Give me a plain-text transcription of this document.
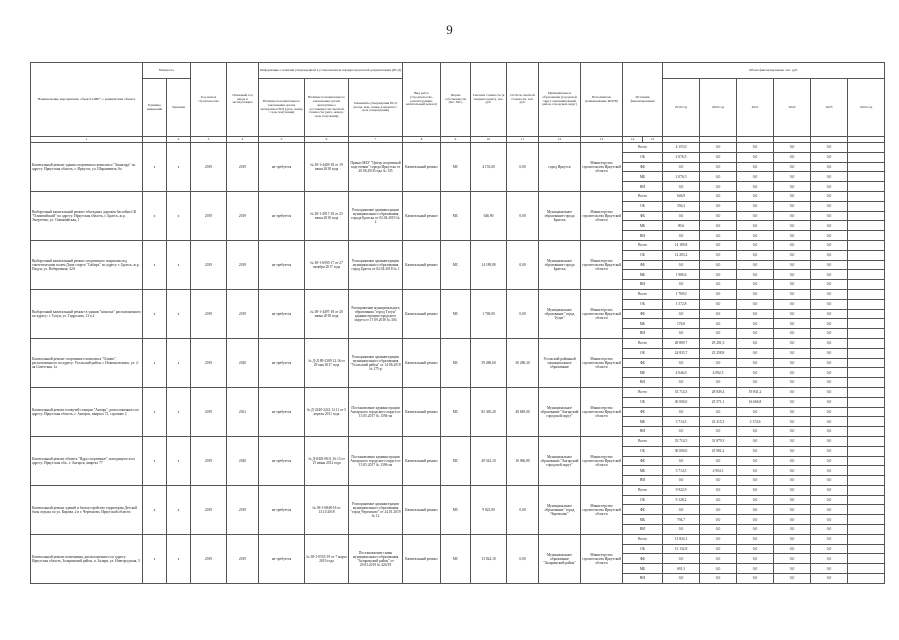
9
Наименование мероприятия, объекта ПИР*, с реквизитами объекта	Мощность		Год начала строительства	Плановый год ввода в эксплуатацию	Информация о наличии утвержденной в установленном порядке проектной документации (ПСД)			Вид работ (строительство, реконструкция, капитальный ремонт)	Форма собственности (КС, МС)	Сметная стоимость (в текущих ценах), тыс. руб.	Остаток сметной стоимости, тыс. руб.	Муниципальное образование (городской округ, муниципальный район, городской округ)	Исполнитель (наименование ИОГВ)	Источник финансирования		Объем финансирования, тыс. руб.					
	Единица измерения	Значение			Наличие положительного заключения органа экспертизы ПСД (дата, номер / срок получения)	Наличие положительного заключения органа экспертизы о достоверности сметной стоимости (дата, номер / срок получения)	Реквизиты утверждения ПСД (когда, кем, номер документа / срок утверждения)									2019 год	2020 год	2021	2022	2023	2024 год
1		2	3	4	5	6	7	8	9	10	11	12	13	14	15						
Капитальный ремонт здания спортивного комплекса "Авангард" по адресу: Иркутская область, г. Иркутск, ул. Шараневича, 6а	х	х	2019	2019	не требуется	№ 38-1-4449-18 от 19 июля 2018 года	Приказ МБУ "Центр спортивной подготовки" города Иркутска от 20.06.2018 года № 135	Капитальный ремонт	МС	4 153,00	0,00	город Иркутск	Министерство строительства Иркутской области	Всего		4 153,0	0,0	0,0	0,0	0,0	
														ОБ		2 076,5	0,0	0,0	0,0	0,0	
														ФБ		0,0	0,0	0,0	0,0	0,0	
														МБ		2 076,5	0,0	0,0	0,0	0,0	
														ВИ		0,0	0,0	0,0	0,0	0,0	
Выборочный капитальный ремонт объездных дорожек бассейна СК "Олимпийский" по адресу: Иркутская область, г. Братск, ж.р. Энергетик, ул. Олимпийская, 1	х	х	2019	2019	не требуется	№ 38-1-4917-18 от 25 июля 2018 года	Распоряжение администрации муниципального образования города Братска от 02.04.2019 № 2	Капитальный ремонт	МС	646,90	0,00	Муниципальное образование города Братска	Министерство строительства Иркутской области	Всего		646,9	0,0	0,0	0,0	0,0	
														ОБ		556,3	0,0	0,0	0,0	0,0	
														ФБ		0,0	0,0	0,0	0,0	0,0	
														МБ		90,6	0,0	0,0	0,0	0,0	
														ВИ		0,0	0,0	0,0	0,0	0,0	
Выборочный капитальный ремонт спортивного покрытия под синтетическим полем Дома спорта "Сибирь" по адресу: г. Братск, ж.р. Падун, ул. Набережная, 42А	х	х	2019	2019	не требуется	№ 38-1-6930-17 от 27 октября 2017 года	Распоряжение администрации муниципального образования город Братск от 02.04.2018 № 1	Капитальный ремонт	МС	14 189,80	0,00	Муниципальное образование города Братска	Министерство строительства Иркутской области	Всего		14 189,8	0,0	0,0	0,0	0,0	
														ОБ		12 203,2	0,0	0,0	0,0	0,0	
														ФБ		0,0	0,0	0,0	0,0	0,0	
														МБ		1 986,6	0,0	0,0	0,0	0,0	
														ВИ		0,0	0,0	0,0	0,0	0,0	
Выборочный капитальный ремонт в здании "кинозал" расположенного по адресу: г. Тулун, ул. Гидролиза, 13 в.2	х	х	2019	2019	не требуется	№ 38-1-4497-18 от 20 июня 2018 года	Распоряжение муниципального образования "город Тулун" администрации городского округа от 17.09.2018 № 304	Капитальный ремонт	МС	1 769,00	0,00	Муниципальное образование "город Тулун"	Министерство строительства Иркутской области	Всего		1 769,0	0,0	0,0	0,0	0,0	
														ОБ		1 572,8	0,0	0,0	0,0	0,0	
														ФБ		0,0	0,0	0,0	0,0	0,0	
														МБ		176,8	0,0	0,0	0,0	0,0	
														ВИ		0,0	0,0	0,0	0,0	0,0	
Капитальный ремонт спортивного комплекса "Олимп", расположенного по адресу: Усольский район, г. Новомальтинск, ул. 2-ая Советская, 1а	х	х	2019	2020	не требуется	№ Д-2189-2389.12.16 от 29 мая 2017 года	Распоряжение администрации муниципального образования "Усольский район" от 14.06.2018 № 175-р	Капитальный ремонт	МС	59 286,60	30 286,30	Усольский районный муниципальное образование	Министерство строительства Иркутской области	Всего		28 809,7	29 281,3	0,0	0,0	0,0	
														ОБ		24 833,7	25 258,8	0,0	0,0	0,0	
														ФБ		0,0	0,0	0,0	0,0	0,0	
														МБ		4 046,0	4 092,5	0,0	0,0	0,0	
														ВИ		0,0	0,0	0,0	0,0	0,0	
Капитальный ремонт плавучей станции "Ангара", расположенного по адресу: Иркутская область, г. Ангарск, квартал 72, строение 2	х	х	2019	2021	не требуется	№ Д-2240-2241.12.11 от 5 апреля 2011 года	Постановление администрации Ангарского городского округа от 15.05.2017 № 1394-па	Капитальный ремонт	МС	82 365,20	48 849,00	Муниципальное образование "Ангарский городской округ"	Министерство строительства Иркутской области	Всего		33 714,5	28 849,4	19 841,2	0,0	0,0	
														ОБ		30 000,0	25 571,1	16 666,8	0,0	0,0	
														ФБ		0,0	0,0	0,0	0,0	0,0	
														МБ		3 714,5	23 315,3	3 174,6	0,0	0,0	
														ВИ		0,0	0,0	0,0	0,0	0,0	
Капитальный ремонт объекта "Ядро спортивное", находящегося по адресу: Иркутская обл., г. Ангарск, квартал 77	х	х	2019	2020	не требуется	№ Д-0403-0611.16.13 от 15 июня 2013 года	Постановление администрации Ангарского городского округа от 15.05.2017 № 1396-па	Капитальный ремонт	МС	49 542,10	16 066,80	Муниципальное образование "Ангарский городской округ"	Министерство строительства Иркутской области	Всего		33 714,5	31 879,3	0,0	0,0	0,0	
														ОБ		30 000,0	25 981,2	0,0	0,0	0,0	
														ФБ		0,0	0,0	0,0	0,0	0,0	
														МБ		3 714,5	4 904,1	0,0	0,0	0,0	
														ВИ		0,0	0,0	0,0	0,0	0,0	
Капитальный ремонт зданий и благоустройство территории Детской базы отдыха по ул. Кирова, 2 в г. Черемхово, Иркутской области	х	х	2019	2019	не требуется	№ 38-1-6848-18 от 13.10.2018	Распоряжение администрации муниципального образования "город Черемхово" от 24.01.2019 № 12	Капитальный ремонт	МС	9 922,90	0,00	Муниципальное образование "город Черемхово"	Министерство строительства Иркутской области	Всего		9 922,9	0,0	0,0	0,0	0,0	
														ОБ		9 128,2	0,0	0,0	0,0	0,0	
														ФБ		0,0	0,0	0,0	0,0	0,0	
														МБ		794,7	0,0	0,0	0,0	0,0	
														ВИ		0,0	0,0	0,0	0,0	0,0	
Капитальный ремонт помещения, расположенного по адресу: Иркутская область, Заларинский район, п. Залари, ул. Новгородская, 5	х	х	2019	2019	не требуется	№ 38-1-0553-19 от 7 марта 2019 года	Постановление главы муниципального образования "Заларинский район" от 29.03.2019 № 420/19	Капитальный ремонт	МС	13 824,10	0,00	Муниципальное образование "Заларинский район"	Министерство строительства Иркутской области	Всего		13 824,1	0,0	0,0	0,0	0,0	
														ОБ		13 132,8	0,0	0,0	0,0	0,0	
														ФБ		0,0	0,0	0,0	0,0	0,0	
														МБ		691,3	0,0	0,0	0,0	0,0	
														ВИ		0,0	0,0	0,0	0,0	0,0	
